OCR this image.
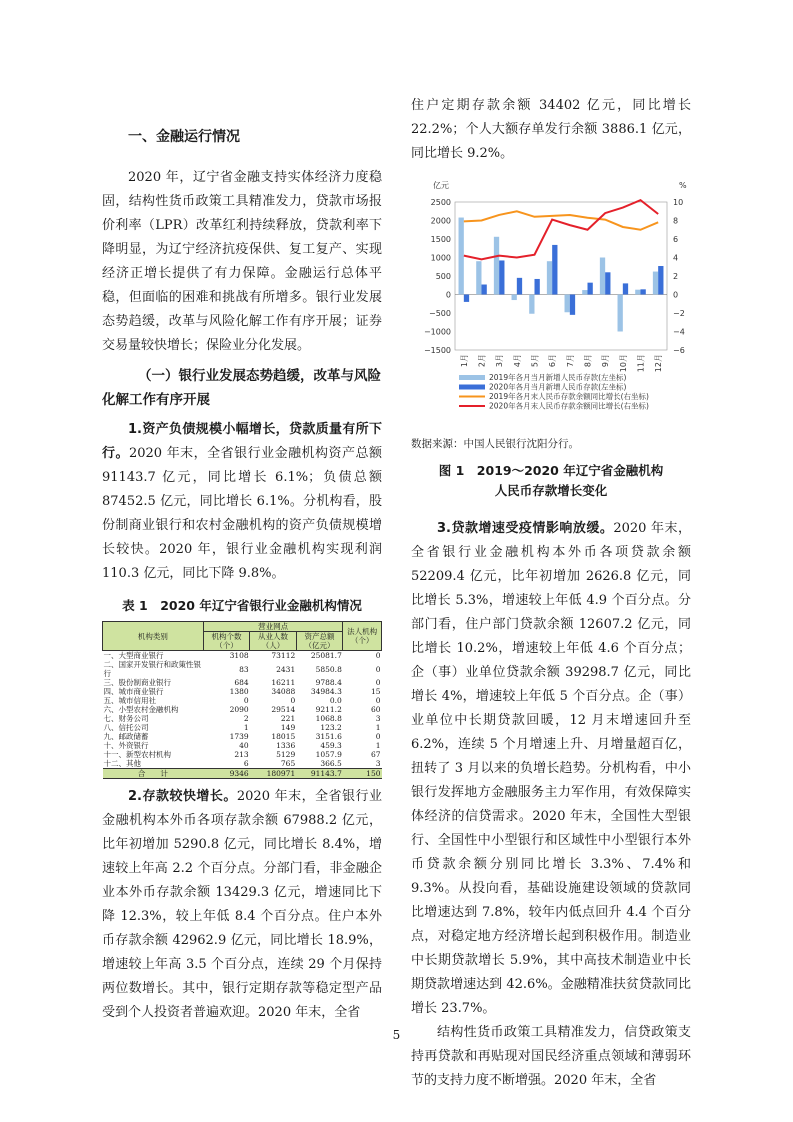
一、金融运行情况

2020 年，辽宁省金融支持实体经济力度稳固，结构性货币政策工具精准发力，贷款市场报价利率（LPR）改革红利持续释放，贷款利率下降明显，为辽宁经济抗疫保供、复工复产、实现经济正增长提供了有力保障。金融运行总体平稳，但面临的困难和挑战有所增多。银行业发展态势趋缓，改革与风险化解工作有序开展；证券交易量较快增长；保险业分化发展。

（一）银行业发展态势趋缓，改革与风险化解工作有序开展

1.资产负债规模小幅增长，贷款质量有所下行。2020 年末，全省银行业金融机构资产总额 91143.7 亿元，同比增长 6.1%；负债总额 87452.5 亿元，同比增长 6.1%。分机构看，股份制商业银行和农村金融机构的资产负债规模增长较快。2020 年，银行业金融机构实现利润 110.3 亿元，同比下降 9.8%。

表 1　2020 年辽宁省银行业金融机构情况
机构类别	营业网点			法人机构（个）
	机构个数（个）	从业人数（人）	资产总额（亿元）	
一、大型商业银行	3108	73112	25081.7	0
二、国家开发银行和政策性银行	83	2431	5850.8	0
三、股份制商业银行	684	16211	9788.4	0
四、城市商业银行	1380	34088	34984.3	15
五、城市信用社	0	0	0.0	0
六、小型农村金融机构	2090	29514	9211.2	60
七、财务公司	2	221	1068.8	3
八、信托公司	1	149	123.2	1
九、邮政储蓄	1739	18015	3151.6	0
十、外资银行	40	1336	459.3	1
十一、新型农村机构	213	5129	1057.9	67
十二、其他	6	765	366.5	3
合　　计	9346	180971	91143.7	150

2.存款较快增长。2020 年末，全省银行业金融机构本外币各项存款余额 67988.2 亿元，比年初增加 5290.8 亿元，同比增长 8.4%，增速较上年高 2.2 个百分点。分部门看，非金融企业本外币存款余额 13429.3 亿元，增速同比下降 12.3%，较上年低 8.4 个百分点。住户本外币存款余额 42962.9 亿元，同比增长 18.9%，增速较上年高 3.5 个百分点，连续 29 个月保持两位数增长。其中，银行定期存款等稳定型产品受到个人投资者普遍欢迎。2020 年末，全省

住户定期存款余额 34402 亿元，同比增长 22.2%；个人大额存单发行余额 3886.1 亿元，同比增长 9.2%。

亿元	%
2500
2000
1500
1000
500
0
−500
−1000
−1500
10
8
6
4
2
0
−2
−4
−6
1月 2月 3月 4月 5月 6月 7月 8月 9月 10月 11月 12月
2019年各月当月新增人民币存款(左坐标)
2020年各月当月新增人民币存款(左坐标)
2019年各月末人民币存款余额同比增长(右坐标)
2020年各月末人民币存款余额同比增长(右坐标)
数据来源：中国人民银行沈阳分行。
图 1　2019～2020 年辽宁省金融机构
人民币存款增长变化

3.贷款增速受疫情影响放缓。2020 年末，全省银行业金融机构本外币各项贷款余额 52209.4 亿元，比年初增加 2626.8 亿元，同比增长 5.3%，增速较上年低 4.9 个百分点。分部门看，住户部门贷款余额 12607.2 亿元，同比增长 10.2%，增速较上年低 4.6 个百分点；企（事）业单位贷款余额 39298.7 亿元，同比增长 4%，增速较上年低 5 个百分点。企（事）业单位中长期贷款回暖，12 月末增速回升至 6.2%，连续 5 个月增速上升、月增量超百亿，扭转了 3 月以来的负增长趋势。分机构看，中小银行发挥地方金融服务主力军作用，有效保障实体经济的信贷需求。2020 年末，全国性大型银行、全国性中小型银行和区域性中小型银行本外币贷款余额分别同比增长 3.3%、7.4%和 9.3%。从投向看，基础设施建设领域的贷款同比增速达到 7.8%，较年内低点回升 4.4 个百分点，对稳定地方经济增长起到积极作用。制造业中长期贷款增长 5.9%，其中高技术制造业中长期贷款增速达到 42.6%。金融精准扶贫贷款同比增长 23.7%。

结构性货币政策工具精准发力，信贷政策支持再贷款和再贴现对国民经济重点领域和薄弱环节的支持力度不断增强。2020 年末，全省

5
